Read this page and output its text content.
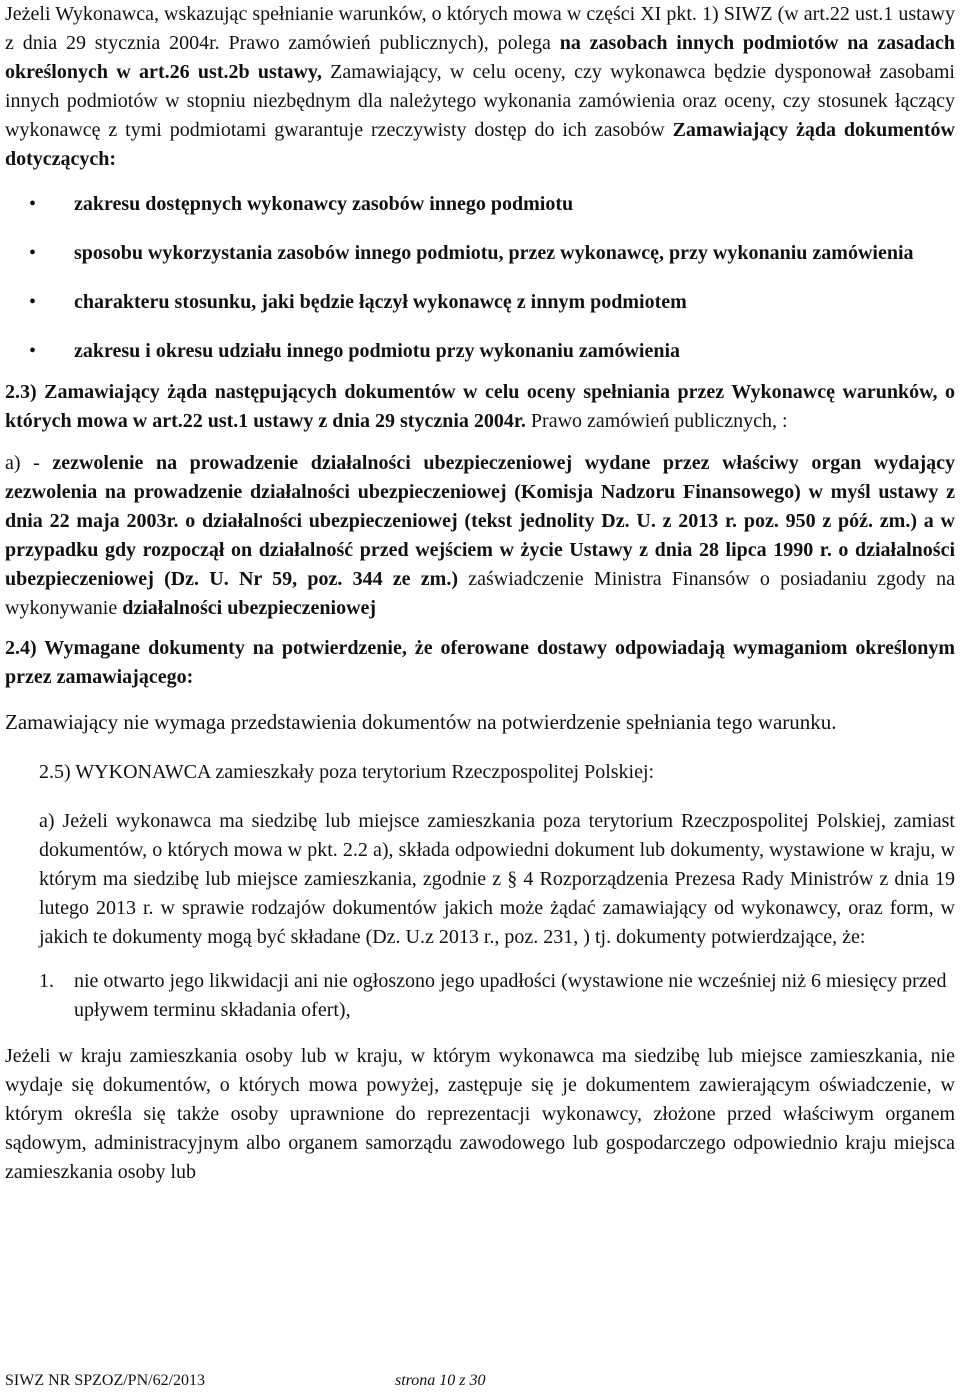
Jeżeli Wykonawca, wskazując spełnianie warunków, o których mowa w części XI pkt. 1) SIWZ (w art.22 ust.1 ustawy z dnia 29 stycznia 2004r. Prawo zamówień publicznych), polega na zasobach innych podmiotów na zasadach określonych w art.26 ust.2b ustawy, Zamawiający, w celu oceny, czy wykonawca będzie dysponował zasobami innych podmiotów w stopniu niezbędnym dla należytego wykonania zamówienia oraz oceny, czy stosunek łączący wykonawcę z tymi podmiotami gwarantuje rzeczywisty dostęp do ich zasobów Zamawiający żąda dokumentów dotyczących:

• zakresu dostępnych wykonawcy zasobów innego podmiotu
• sposobu wykorzystania zasobów innego podmiotu, przez wykonawcę, przy wykonaniu zamówienia
• charakteru stosunku, jaki będzie łączył wykonawcę z innym podmiotem
• zakresu i okresu udziału innego podmiotu przy wykonaniu zamówienia

2.3) Zamawiający żąda następujących dokumentów w celu oceny spełniania przez Wykonawcę warunków, o których mowa w art.22 ust.1 ustawy z dnia 29 stycznia 2004r. Prawo zamówień publicznych, :

a) - zezwolenie na prowadzenie działalności ubezpieczeniowej wydane przez właściwy organ wydający zezwolenia na prowadzenie działalności ubezpieczeniowej (Komisja Nadzoru Finansowego) w myśl ustawy z dnia 22 maja 2003r. o działalności ubezpieczeniowej (tekst jednolity Dz. U. z 2013 r. poz. 950 z póź. zm.) a w przypadku gdy rozpoczął on działalność przed wejściem w życie Ustawy z dnia 28 lipca 1990 r. o działalności ubezpieczeniowej (Dz. U. Nr 59, poz. 344 ze zm.) zaświadczenie Ministra Finansów o posiadaniu zgody na wykonywanie działalności ubezpieczeniowej

2.4) Wymagane dokumenty na potwierdzenie, że oferowane dostawy odpowiadają wymaganiom określonym przez zamawiającego:

Zamawiający nie wymaga przedstawienia dokumentów na potwierdzenie spełniania tego warunku.

2.5) WYKONAWCA zamieszkały poza terytorium Rzeczpospolitej Polskiej:

a) Jeżeli wykonawca ma siedzibę lub miejsce zamieszkania poza terytorium Rzeczpospolitej Polskiej, zamiast dokumentów, o których mowa w pkt. 2.2 a), składa odpowiedni dokument lub dokumenty, wystawione w kraju, w którym ma siedzibę lub miejsce zamieszkania, zgodnie z § 4 Rozporządzenia Prezesa Rady Ministrów z dnia 19 lutego 2013 r. w sprawie rodzajów dokumentów jakich może żądać zamawiający od wykonawcy, oraz form, w jakich te dokumenty mogą być składane (Dz. U.z 2013 r., poz. 231, ) tj. dokumenty potwierdzające, że:

1.	nie otwarto jego likwidacji ani nie ogłoszono jego upadłości (wystawione nie wcześniej niż 6 miesięcy przed upływem terminu składania ofert),

Jeżeli w kraju zamieszkania osoby lub w kraju, w którym wykonawca ma siedzibę lub miejsce zamieszkania, nie wydaje się dokumentów, o których mowa powyżej, zastępuje się je dokumentem zawierającym oświadczenie, w którym określa się także osoby uprawnione do reprezentacji wykonawcy, złożone przed właściwym organem sądowym, administracyjnym albo organem samorządu zawodowego lub gospodarczego odpowiednio kraju miejsca zamieszkania osoby lub

SIWZ NR SPZOZ/PN/62/2013	strona 10 z 30
